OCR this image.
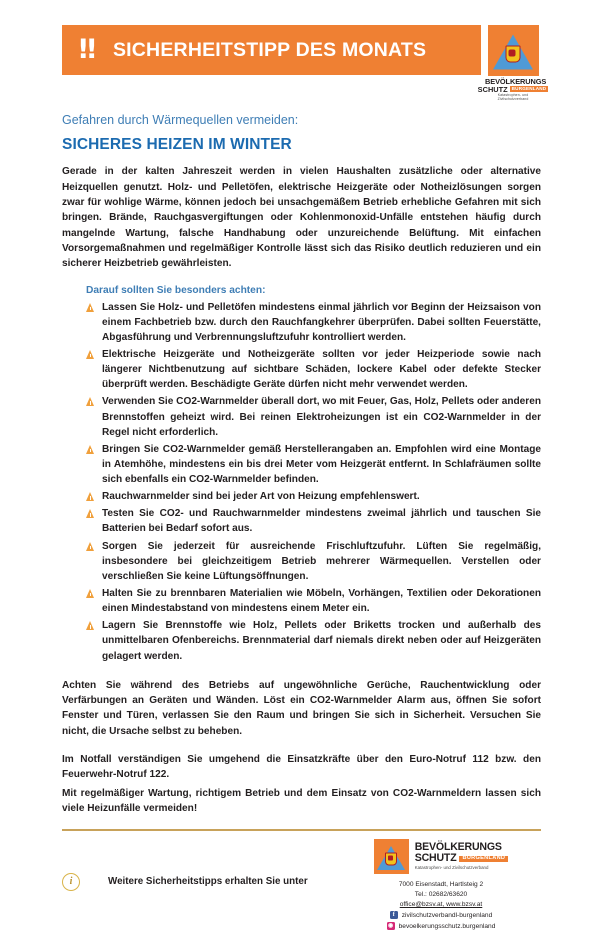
‼ SICHERHEITSTIPP DES MONATS
BEVÖLKERUNGS
SCHUTZ BURGENLAND
Katastrophen- und Zivilschutzverband
Gefahren durch Wärmequellen vermeiden:
SICHERES HEIZEN IM WINTER
Gerade in der kalten Jahreszeit werden in vielen Haushalten zusätzliche oder alternative Heizquellen genutzt. Holz- und Pelletöfen, elektrische Heizgeräte oder Notheizlösungen sorgen zwar für wohlige Wärme, können jedoch bei unsachgemäßem Betrieb erhebliche Gefahren mit sich bringen. Brände, Rauchgasvergiftungen oder Kohlenmonoxid-Unfälle entstehen häufig durch mangelnde Wartung, falsche Handhabung oder unzureichende Belüftung. Mit einfachen Vorsorgemaßnahmen und regelmäßiger Kontrolle lässt sich das Risiko deutlich reduzieren und ein sicherer Heizbetrieb gewährleisten.
Darauf sollten Sie besonders achten:
Lassen Sie Holz- und Pelletöfen mindestens einmal jährlich vor Beginn der Heizsaison von einem Fachbetrieb bzw. durch den Rauchfangkehrer überprüfen. Dabei sollten Feuerstätte, Abgasführung und Verbrennungsluftzufuhr kontrolliert werden.
Elektrische Heizgeräte und Notheizgeräte sollten vor jeder Heizperiode sowie nach längerer Nichtbenutzung auf sichtbare Schäden, lockere Kabel oder defekte Stecker überprüft werden. Beschädigte Geräte dürfen nicht mehr verwendet werden.
Verwenden Sie CO2-Warnmelder überall dort, wo mit Feuer, Gas, Holz, Pellets oder anderen Brennstoffen geheizt wird. Bei reinen Elektroheizungen ist ein CO2-Warnmelder in der Regel nicht erforderlich.
Bringen Sie CO2-Warnmelder gemäß Herstellerangaben an. Empfohlen wird eine Montage in Atemhöhe, mindestens ein bis drei Meter vom Heizgerät entfernt. In Schlafräumen sollte sich ebenfalls ein CO2-Warnmelder befinden.
Rauchwarnmelder sind bei jeder Art von Heizung empfehlenswert.
Testen Sie CO2- und Rauchwarnmelder mindestens zweimal jährlich und tauschen Sie Batterien bei Bedarf sofort aus.
Sorgen Sie jederzeit für ausreichende Frischluftzufuhr. Lüften Sie regelmäßig, insbesondere bei gleichzeitigem Betrieb mehrerer Wärmequellen. Verstellen oder verschließen Sie keine Lüftungsöffnungen.
Halten Sie zu brennbaren Materialien wie Möbeln, Vorhängen, Textilien oder Dekorationen einen Mindestabstand von mindestens einem Meter ein.
Lagern Sie Brennstoffe wie Holz, Pellets oder Briketts trocken und außerhalb des unmittelbaren Ofenbereichs. Brennmaterial darf niemals direkt neben oder auf Heizgeräten gelagert werden.
Achten Sie während des Betriebs auf ungewöhnliche Gerüche, Rauchentwicklung oder Verfärbungen an Geräten und Wänden. Löst ein CO2-Warnmelder Alarm aus, öffnen Sie sofort Fenster und Türen, verlassen Sie den Raum und bringen Sie sich in Sicherheit. Versuchen Sie nicht, die Ursache selbst zu beheben.
Im Notfall verständigen Sie umgehend die Einsatzkräfte über den Euro-Notruf 112 bzw. den Feuerwehr-Notruf 122.
Mit regelmäßiger Wartung, richtigem Betrieb und dem Einsatz von CO2-Warnmeldern lassen sich viele Heizunfälle vermeiden!
i	Weitere Sicherheitstipps erhalten Sie unter
BEVÖLKERUNGS
SCHUTZ	BURGENLAND
Katastrophen- und Zivilschutzverband
7000 Eisenstadt, Hartlsteig 2
Tel.: 02682/63620
office@bzsv.at, www.bzsv.at
f	zivilschutzverbandl-burgenland
◉ bevoelkerungsschutz.burgenland
